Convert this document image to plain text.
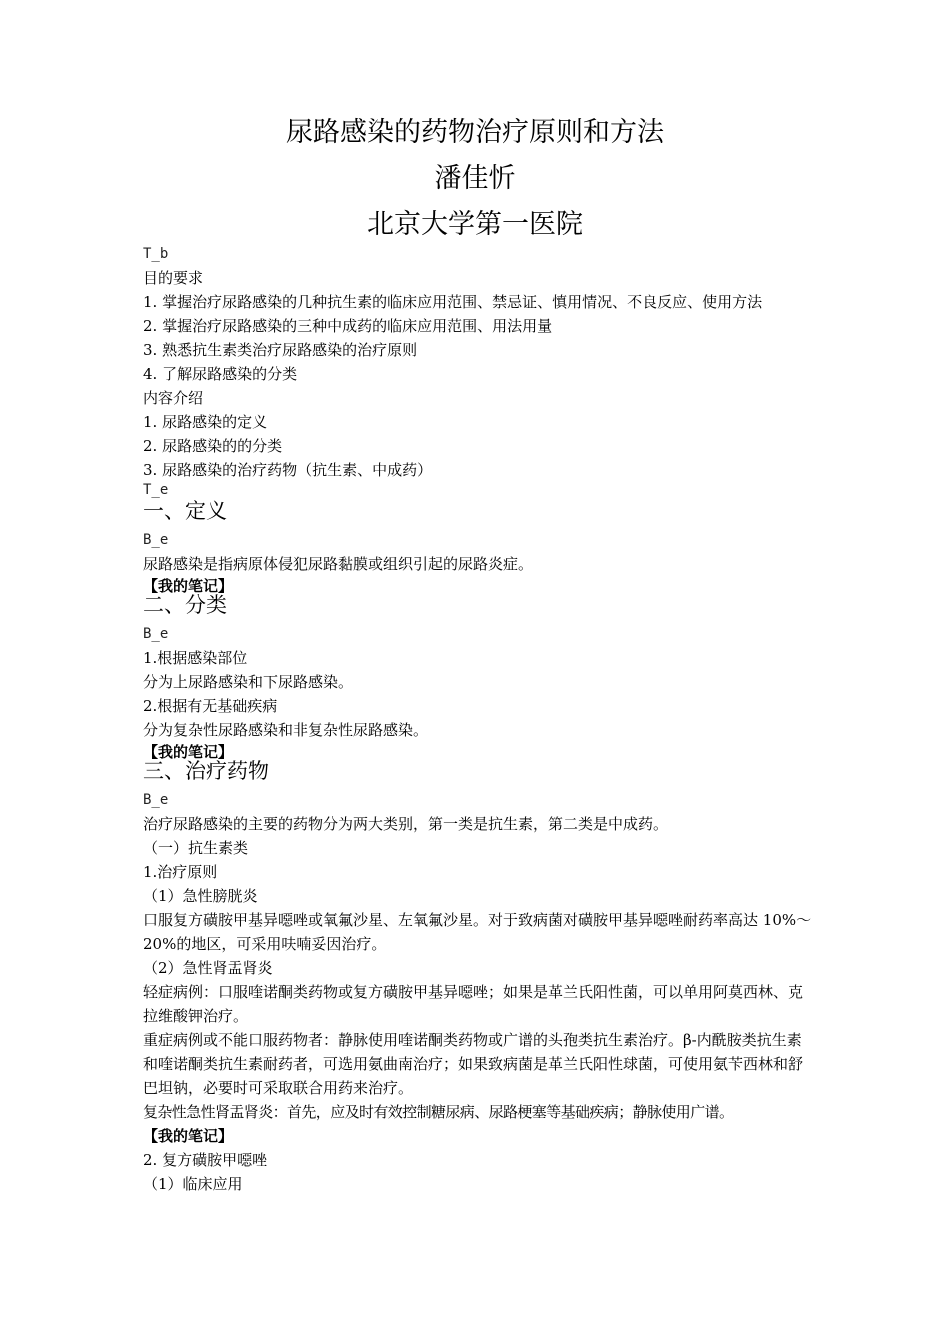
尿路感染的药物治疗原则和方法
潘佳忻
北京大学第一医院
T_b
目的要求
1. 掌握治疗尿路感染的几种抗生素的临床应用范围、禁忌证、慎用情况、不良反应、使用方法
2. 掌握治疗尿路感染的三种中成药的临床应用范围、用法用量
3. 熟悉抗生素类治疗尿路感染的治疗原则
4. 了解尿路感染的分类
内容介绍
1. 尿路感染的定义
2. 尿路感染的的分类
3. 尿路感染的治疗药物（抗生素、中成药）
T_e
一、定义
B_e
尿路感染是指病原体侵犯尿路黏膜或组织引起的尿路炎症。
【我的笔记】
二、分类
B_e
1.根据感染部位
分为上尿路感染和下尿路感染。
2.根据有无基础疾病
分为复杂性尿路感染和非复杂性尿路感染。
【我的笔记】
三、治疗药物
B_e
治疗尿路感染的主要的药物分为两大类别，第一类是抗生素，第二类是中成药。
（一）抗生素类
1.治疗原则
（1）急性膀胱炎
口服复方磺胺甲基异噁唑或氧氟沙星、左氧氟沙星。对于致病菌对磺胺甲基异噁唑耐药率高达 10%～20%的地区，可采用呋喃妥因治疗。
（2）急性肾盂肾炎
轻症病例：口服喹诺酮类药物或复方磺胺甲基异噁唑；如果是革兰氏阳性菌，可以单用阿莫西林、克拉维酸钾治疗。
重症病例或不能口服药物者：静脉使用喹诺酮类药物或广谱的头孢类抗生素治疗。β-内酰胺类抗生素和喹诺酮类抗生素耐药者，可选用氨曲南治疗；如果致病菌是革兰氏阳性球菌，可使用氨苄西林和舒巴坦钠，必要时可采取联合用药来治疗。
复杂性急性肾盂肾炎：首先，应及时有效控制糖尿病、尿路梗塞等基础疾病；静脉使用广谱。
【我的笔记】
2. 复方磺胺甲噁唑
（1）临床应用
